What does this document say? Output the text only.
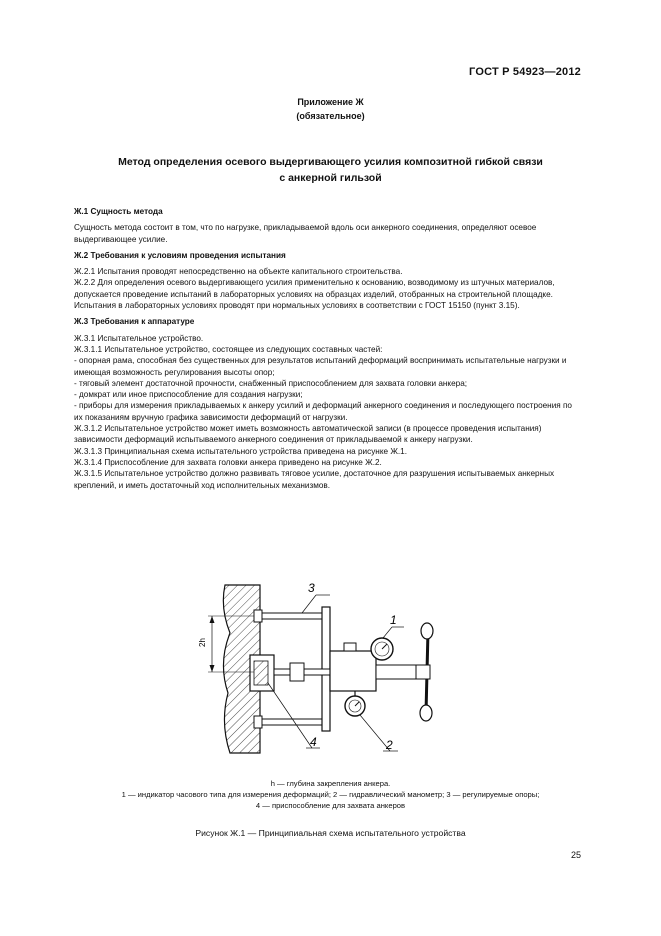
ГОСТ Р 54923—2012
Приложение Ж
(обязательное)
Метод определения осевого выдергивающего усилия композитной гибкой связи
с анкерной гильзой

Ж.1 Сущность метода

Сущность метода состоит в том, что по нагрузке, прикладываемой вдоль оси анкерного соединения, определяют осевое выдергивающее усилие.

Ж.2 Требования к условиям проведения испытания

Ж.2.1 Испытания проводят непосредственно на объекте капитального строительства.

Ж.2.2 Для определения осевого выдергивающего усилия применительно к основанию, возводимому из штучных материалов, допускается проведение испытаний в лабораторных условиях на образцах изделий, отобранных на строительной площадке.

Испытания в лабораторных условиях проводят при нормальных условиях в соответствии с ГОСТ 15150 (пункт 3.15).

Ж.3 Требования к аппаратуре

Ж.3.1 Испытательное устройство.

Ж.3.1.1 Испытательное устройство, состоящее из следующих составных частей:

- опорная рама, способная без существенных для результатов испытаний деформаций воспринимать испытательные нагрузки и имеющая возможность регулирования высоты опор;

- тяговый элемент достаточной прочности, снабженный приспособлением для захвата головки анкера;

- домкрат или иное приспособление для создания нагрузки;

- приборы для измерения прикладываемых к анкеру усилий и деформаций анкерного соединения и последующего построения по их показаниям вручную графика зависимости деформаций от нагрузки.

Ж.3.1.2 Испытательное устройство может иметь возможность автоматической записи (в процессе проведения испытания) зависимости деформаций испытываемого анкерного соединения от прикладываемой к анкеру нагрузки.

Ж.3.1.3 Принципиальная схема испытательного устройства приведена на рисунке Ж.1.

Ж.3.1.4 Приспособление для захвата головки анкера приведено на рисунке Ж.2.

Ж.3.1.5 Испытательное устройство должно развивать тяговое усилие, достаточное для разрушения испытываемых анкерных креплений, и иметь достаточный ход исполнительных механизмов.

2h
3
1
2
4
h — глубина закрепления анкера.
1 — индикатор часового типа для измерения деформаций; 2 — гидравлический манометр; 3 — регулируемые опоры;
4 — приспособление для захвата анкеров
Рисунок Ж.1 — Принципиальная схема испытательного устройства
25
